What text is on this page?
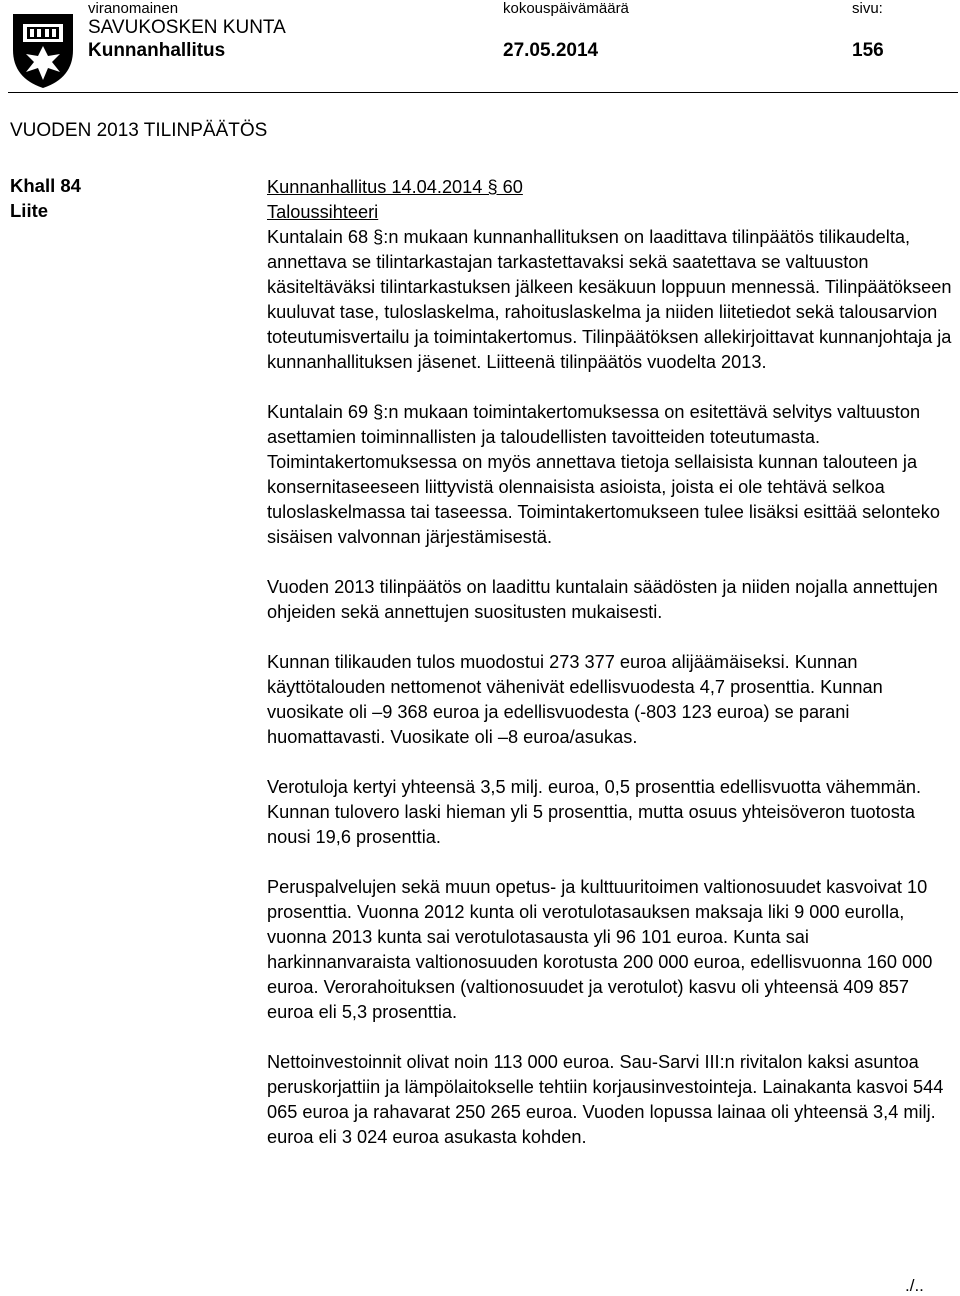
viranomainen	kokouspäivämäärä	sivu:
SAVUKOSKEN KUNTA
Kunnanhallitus	27.05.2014	156
VUODEN 2013 TILINPÄÄTÖS
Khall 84
Liite
Kunnanhallitus 14.04.2014 § 60
Taloussihteeri

Kuntalain 68 §:n mukaan kunnanhallituksen on laadittava tilinpäätös tilikaudelta, annettava se tilintarkastajan tarkastettavaksi sekä saatettava se valtuuston käsiteltäväksi tilintarkastuksen jälkeen kesäkuun loppuun mennessä. Tilinpäätökseen kuuluvat tase, tuloslaskelma, rahoituslaskelma ja niiden liitetiedot sekä talousarvion toteutumisvertailu ja toimintakertomus. Tilinpäätöksen allekirjoittavat kunnanjohtaja ja kunnanhallituksen jäsenet. Liitteenä tilinpäätös vuodelta 2013.

Kuntalain 69 §:n mukaan toimintakertomuksessa on esitettävä selvitys valtuuston asettamien toiminnallisten ja taloudellisten tavoitteiden toteutumasta. Toimintakertomuksessa on myös annettava tietoja sellaisista kunnan talouteen ja konsernitaseeseen liittyvistä olennaisista asioista, joista ei ole tehtävä selkoa tuloslaskelmassa tai taseessa. Toimintakertomukseen tulee lisäksi esittää selonteko sisäisen valvonnan järjestämisestä.

Vuoden 2013 tilinpäätös on laadittu kuntalain säädösten ja niiden nojalla annettujen ohjeiden sekä annettujen suositusten mukaisesti.

Kunnan tilikauden tulos muodostui 273 377 euroa alijäämäiseksi. Kunnan käyttötalouden nettomenot vähenivät edellisvuodesta 4,7 prosenttia. Kunnan vuosikate oli –9 368 euroa ja edellisvuodesta (-803 123 euroa) se parani huomattavasti. Vuosikate oli –8 euroa/asukas.

Verotuloja kertyi yhteensä 3,5 milj. euroa, 0,5 prosenttia edellisvuotta vähemmän. Kunnan tulovero laski hieman yli 5 prosenttia, mutta osuus yhteisöveron tuotosta nousi 19,6 prosenttia.

Peruspalvelujen sekä muun opetus- ja kulttuuritoimen valtionosuudet kasvoivat 10 prosenttia. Vuonna 2012 kunta oli verotulotasauksen maksaja liki 9 000 eurolla, vuonna 2013 kunta sai verotulotasausta yli 96 101 euroa. Kunta sai harkinnanvaraista valtionosuuden korotusta 200 000 euroa, edellisvuonna 160 000 euroa. Verorahoituksen (valtionosuudet ja verotulot) kasvu oli yhteensä 409 857 euroa eli 5,3 prosenttia.

Nettoinvestoinnit olivat noin 113 000 euroa. Sau-Sarvi III:n rivitalon kaksi asuntoa peruskorjattiin ja lämpölaitokselle tehtiin korjausinvestointeja. Lainakanta kasvoi 544 065 euroa ja rahavarat 250 265 euroa. Vuoden lopussa lainaa oli yhteensä 3,4 milj. euroa eli 3 024 euroa asukasta kohden.

./..
